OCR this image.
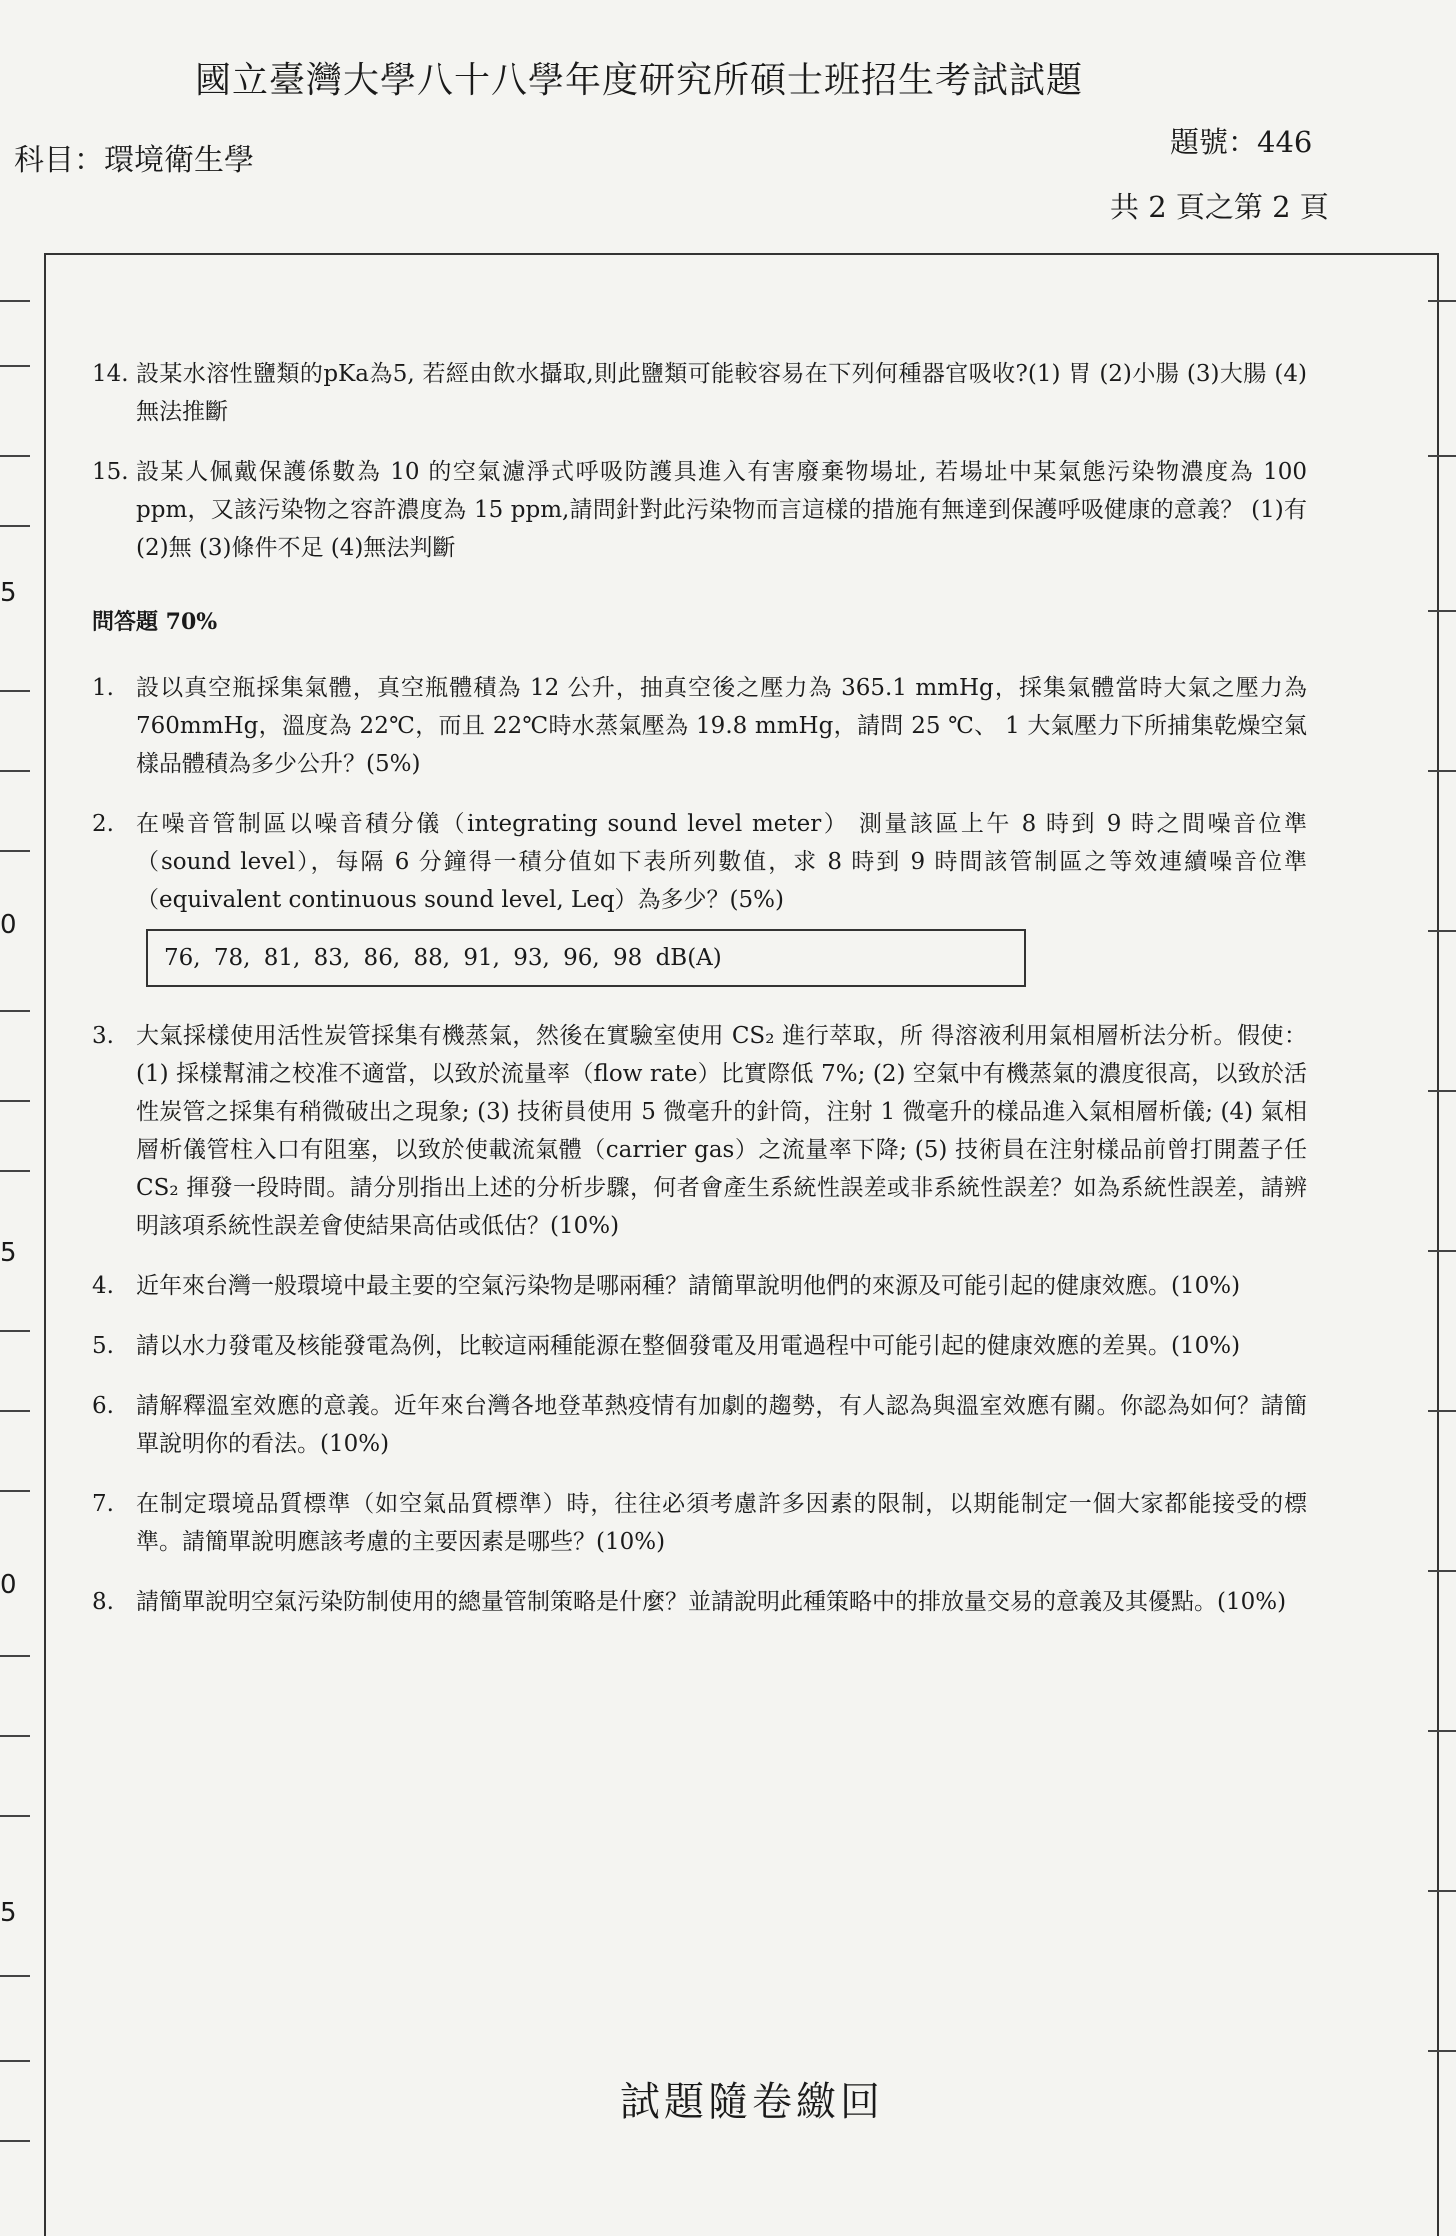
國立臺灣大學八十八學年度研究所碩士班招生考試試題
科目：環境衛生學
題號：446
共 2 頁之第 2 頁
5
0
5
0
5
14. 設某水溶性鹽類的pKa為5, 若經由飲水攝取,則此鹽類可能較容易在下列何種器官吸收?(1) 胃 (2)小腸 (3)大腸 (4)無法推斷
15. 設某人佩戴保護係數為 10 的空氣濾淨式呼吸防護具進入有害廢棄物場址, 若場址中某氣態污染物濃度為 100 ppm，又該污染物之容許濃度為 15 ppm,請問針對此污染物而言這樣的措施有無達到保護呼吸健康的意義？ (1)有 (2)無 (3)條件不足 (4)無法判斷
問答題 70%
1. 設以真空瓶採集氣體，真空瓶體積為 12 公升，抽真空後之壓力為 365.1 mmHg，採集氣體當時大氣之壓力為 760mmHg，溫度為 22℃，而且 22℃時水蒸氣壓為 19.8 mmHg，請問 25 ℃、 1 大氣壓力下所捕集乾燥空氣樣品體積為多少公升？(5%)
2. 在噪音管制區以噪音積分儀（integrating sound level meter） 測量該區上午 8 時到 9 時之間噪音位準（sound level），每隔 6 分鐘得一積分值如下表所列數值，求 8 時到 9 時間該管制區之等效連續噪音位準（equivalent continuous sound level, Leq）為多少？(5%)
76, 78, 81, 83, 86, 88, 91, 93, 96, 98 dB(A)
3. 大氣採樣使用活性炭管採集有機蒸氣，然後在實驗室使用 CS₂ 進行萃取，所 得溶液利用氣相層析法分析。假使：(1) 採樣幫浦之校准不適當，以致於流量率（flow rate）比實際低 7%; (2) 空氣中有機蒸氣的濃度很高，以致於活性炭管之採集有稍微破出之現象; (3) 技術員使用 5 微毫升的針筒，注射 1 微毫升的樣品進入氣相層析儀; (4) 氣相層析儀管柱入口有阻塞，以致於使載流氣體（carrier gas）之流量率下降; (5) 技術員在注射樣品前曾打開蓋子任 CS₂ 揮發一段時間。請分別指出上述的分析步驟，何者會產生系統性誤差或非系統性誤差？如為系統性誤差，請辨明該項系統性誤差會使結果高估或低估？(10%)
4. 近年來台灣一般環境中最主要的空氣污染物是哪兩種？請簡單說明他們的來源及可能引起的健康效應。(10%)
5. 請以水力發電及核能發電為例，比較這兩種能源在整個發電及用電過程中可能引起的健康效應的差異。(10%)
6. 請解釋溫室效應的意義。近年來台灣各地登革熱疫情有加劇的趨勢，有人認為與溫室效應有關。你認為如何？請簡單說明你的看法。(10%)
7. 在制定環境品質標準（如空氣品質標準）時，往往必須考慮許多因素的限制，以期能制定一個大家都能接受的標準。請簡單說明應該考慮的主要因素是哪些？(10%)
8. 請簡單說明空氣污染防制使用的總量管制策略是什麼？並請說明此種策略中的排放量交易的意義及其優點。(10%)
試題隨卷繳回
